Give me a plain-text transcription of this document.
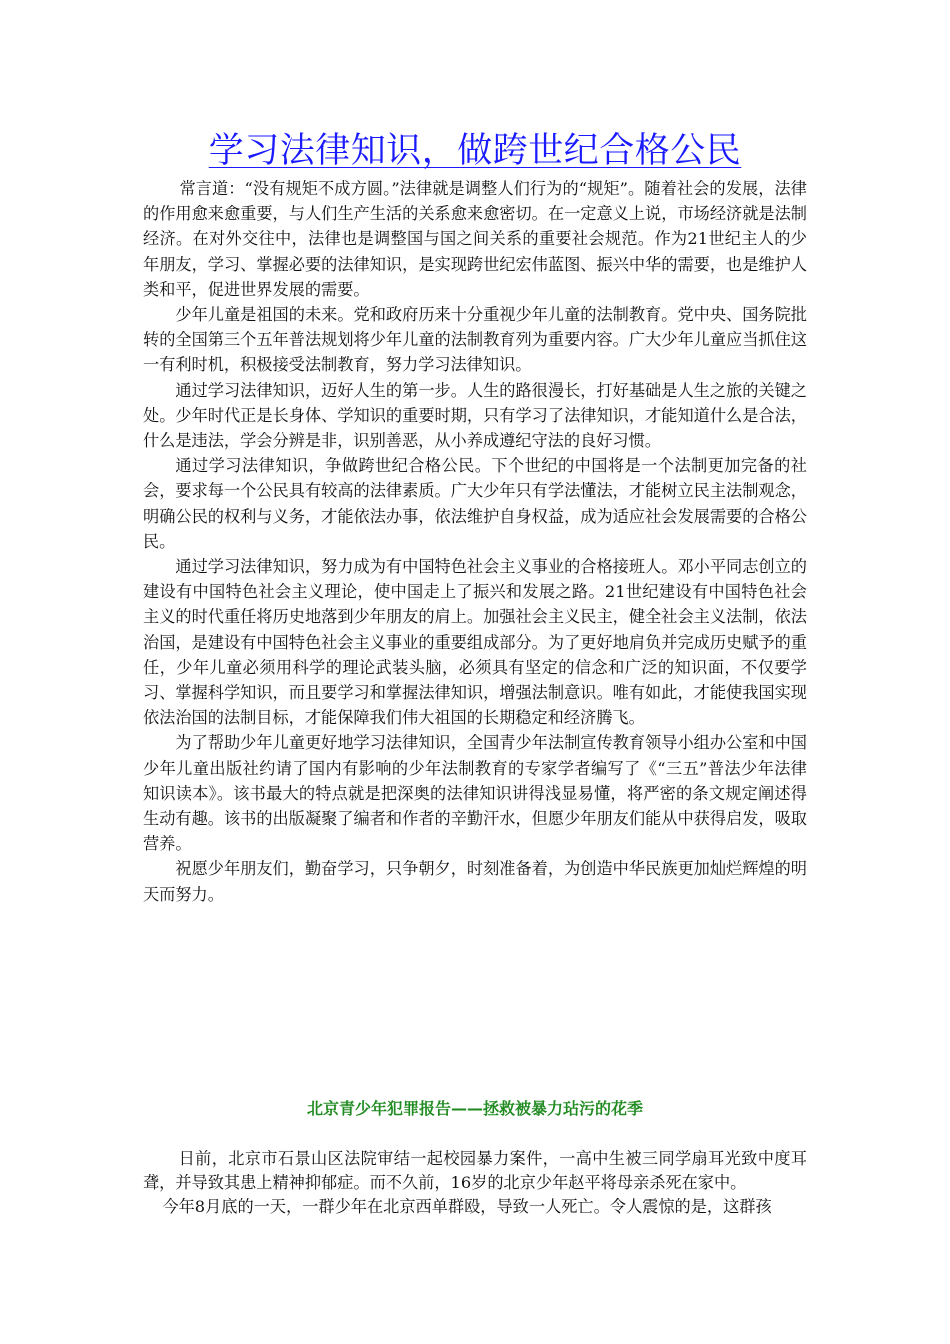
学习法律知识，做跨世纪合格公民

常言道：“没有规矩不成方圆。”法律就是调整人们行为的“规矩”。随着社会的发展，法律的作用愈来愈重要，与人们生产生活的关系愈来愈密切。在一定意义上说，市场经济就是法制经济。在对外交往中，法律也是调整国与国之间关系的重要社会规范。作为21世纪主人的少年朋友，学习、掌握必要的法律知识，是实现跨世纪宏伟蓝图、振兴中华的需要，也是维护人类和平，促进世界发展的需要。

少年儿童是祖国的未来。党和政府历来十分重视少年儿童的法制教育。党中央、国务院批转的全国第三个五年普法规划将少年儿童的法制教育列为重要内容。广大少年儿童应当抓住这一有利时机，积极接受法制教育，努力学习法律知识。

通过学习法律知识，迈好人生的第一步。人生的路很漫长，打好基础是人生之旅的关键之处。少年时代正是长身体、学知识的重要时期，只有学习了法律知识，才能知道什么是合法，什么是违法，学会分辨是非，识别善恶，从小养成遵纪守法的良好习惯。

通过学习法律知识，争做跨世纪合格公民。下个世纪的中国将是一个法制更加完备的社会，要求每一个公民具有较高的法律素质。广大少年只有学法懂法，才能树立民主法制观念，明确公民的权利与义务，才能依法办事，依法维护自身权益，成为适应社会发展需要的合格公民。

通过学习法律知识，努力成为有中国特色社会主义事业的合格接班人。邓小平同志创立的建设有中国特色社会主义理论，使中国走上了振兴和发展之路。21世纪建设有中国特色社会主义的时代重任将历史地落到少年朋友的肩上。加强社会主义民主，健全社会主义法制，依法治国，是建设有中国特色社会主义事业的重要组成部分。为了更好地肩负并完成历史赋予的重任，少年儿童必须用科学的理论武装头脑，必须具有坚定的信念和广泛的知识面，不仅要学习、掌握科学知识，而且要学习和掌握法律知识，增强法制意识。唯有如此，才能使我国实现依法治国的法制目标，才能保障我们伟大祖国的长期稳定和经济腾飞。

为了帮助少年儿童更好地学习法律知识，全国青少年法制宣传教育领导小组办公室和中国少年儿童出版社约请了国内有影响的少年法制教育的专家学者编写了《“三五”普法少年法律知识读本》。该书最大的特点就是把深奥的法律知识讲得浅显易懂，将严密的条文规定阐述得生动有趣。该书的出版凝聚了编者和作者的辛勤汗水，但愿少年朋友们能从中获得启发，吸取营养。

祝愿少年朋友们，勤奋学习，只争朝夕，时刻准备着，为创造中华民族更加灿烂辉煌的明天而努力。

北京青少年犯罪报告——拯救被暴力玷污的花季

日前，北京市石景山区法院审结一起校园暴力案件，一高中生被三同学扇耳光致中度耳聋，并导致其患上精神抑郁症。而不久前，16岁的北京少年赵平将母亲杀死在家中。

今年8月底的一天，一群少年在北京西单群殴，导致一人死亡。令人震惊的是，这群孩
